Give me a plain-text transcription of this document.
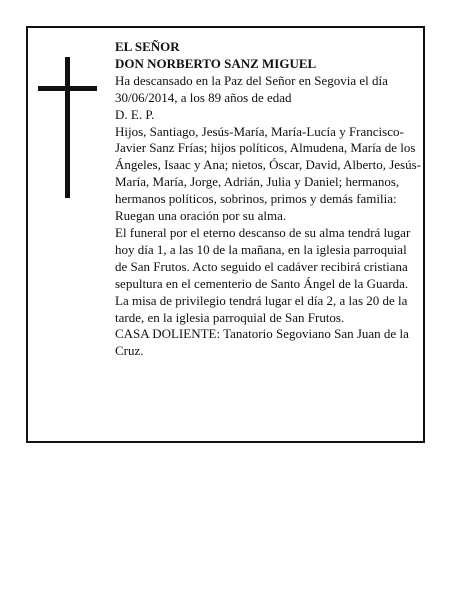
EL SEÑOR

DON NORBERTO SANZ MIGUEL

Ha descansado en la Paz del Señor en Segovia el día 30/06/2014, a los 89 años de edad

D. E. P.

Hijos, Santiago, Jesús-María, María-Lucía y Francisco-Javier Sanz Frías; hijos políticos, Almudena, María de los Ángeles, Isaac y Ana; nietos, Óscar, David, Alberto, Jesús-María, María, Jorge, Adrián, Julia y Daniel; hermanos, hermanos políticos, sobrinos, primos y demás familia:

Ruegan una oración por su alma.

El funeral por el eterno descanso de su alma tendrá lugar hoy día 1, a las 10 de la mañana, en la iglesia parroquial de San Frutos. Acto seguido el cadáver recibirá cristiana sepultura en el cementerio de Santo Ángel de la Guarda. La misa de privilegio tendrá lugar el día 2, a las 20 de la tarde, en la iglesia parroquial de San Frutos.

CASA DOLIENTE: Tanatorio Segoviano San Juan de la Cruz.
